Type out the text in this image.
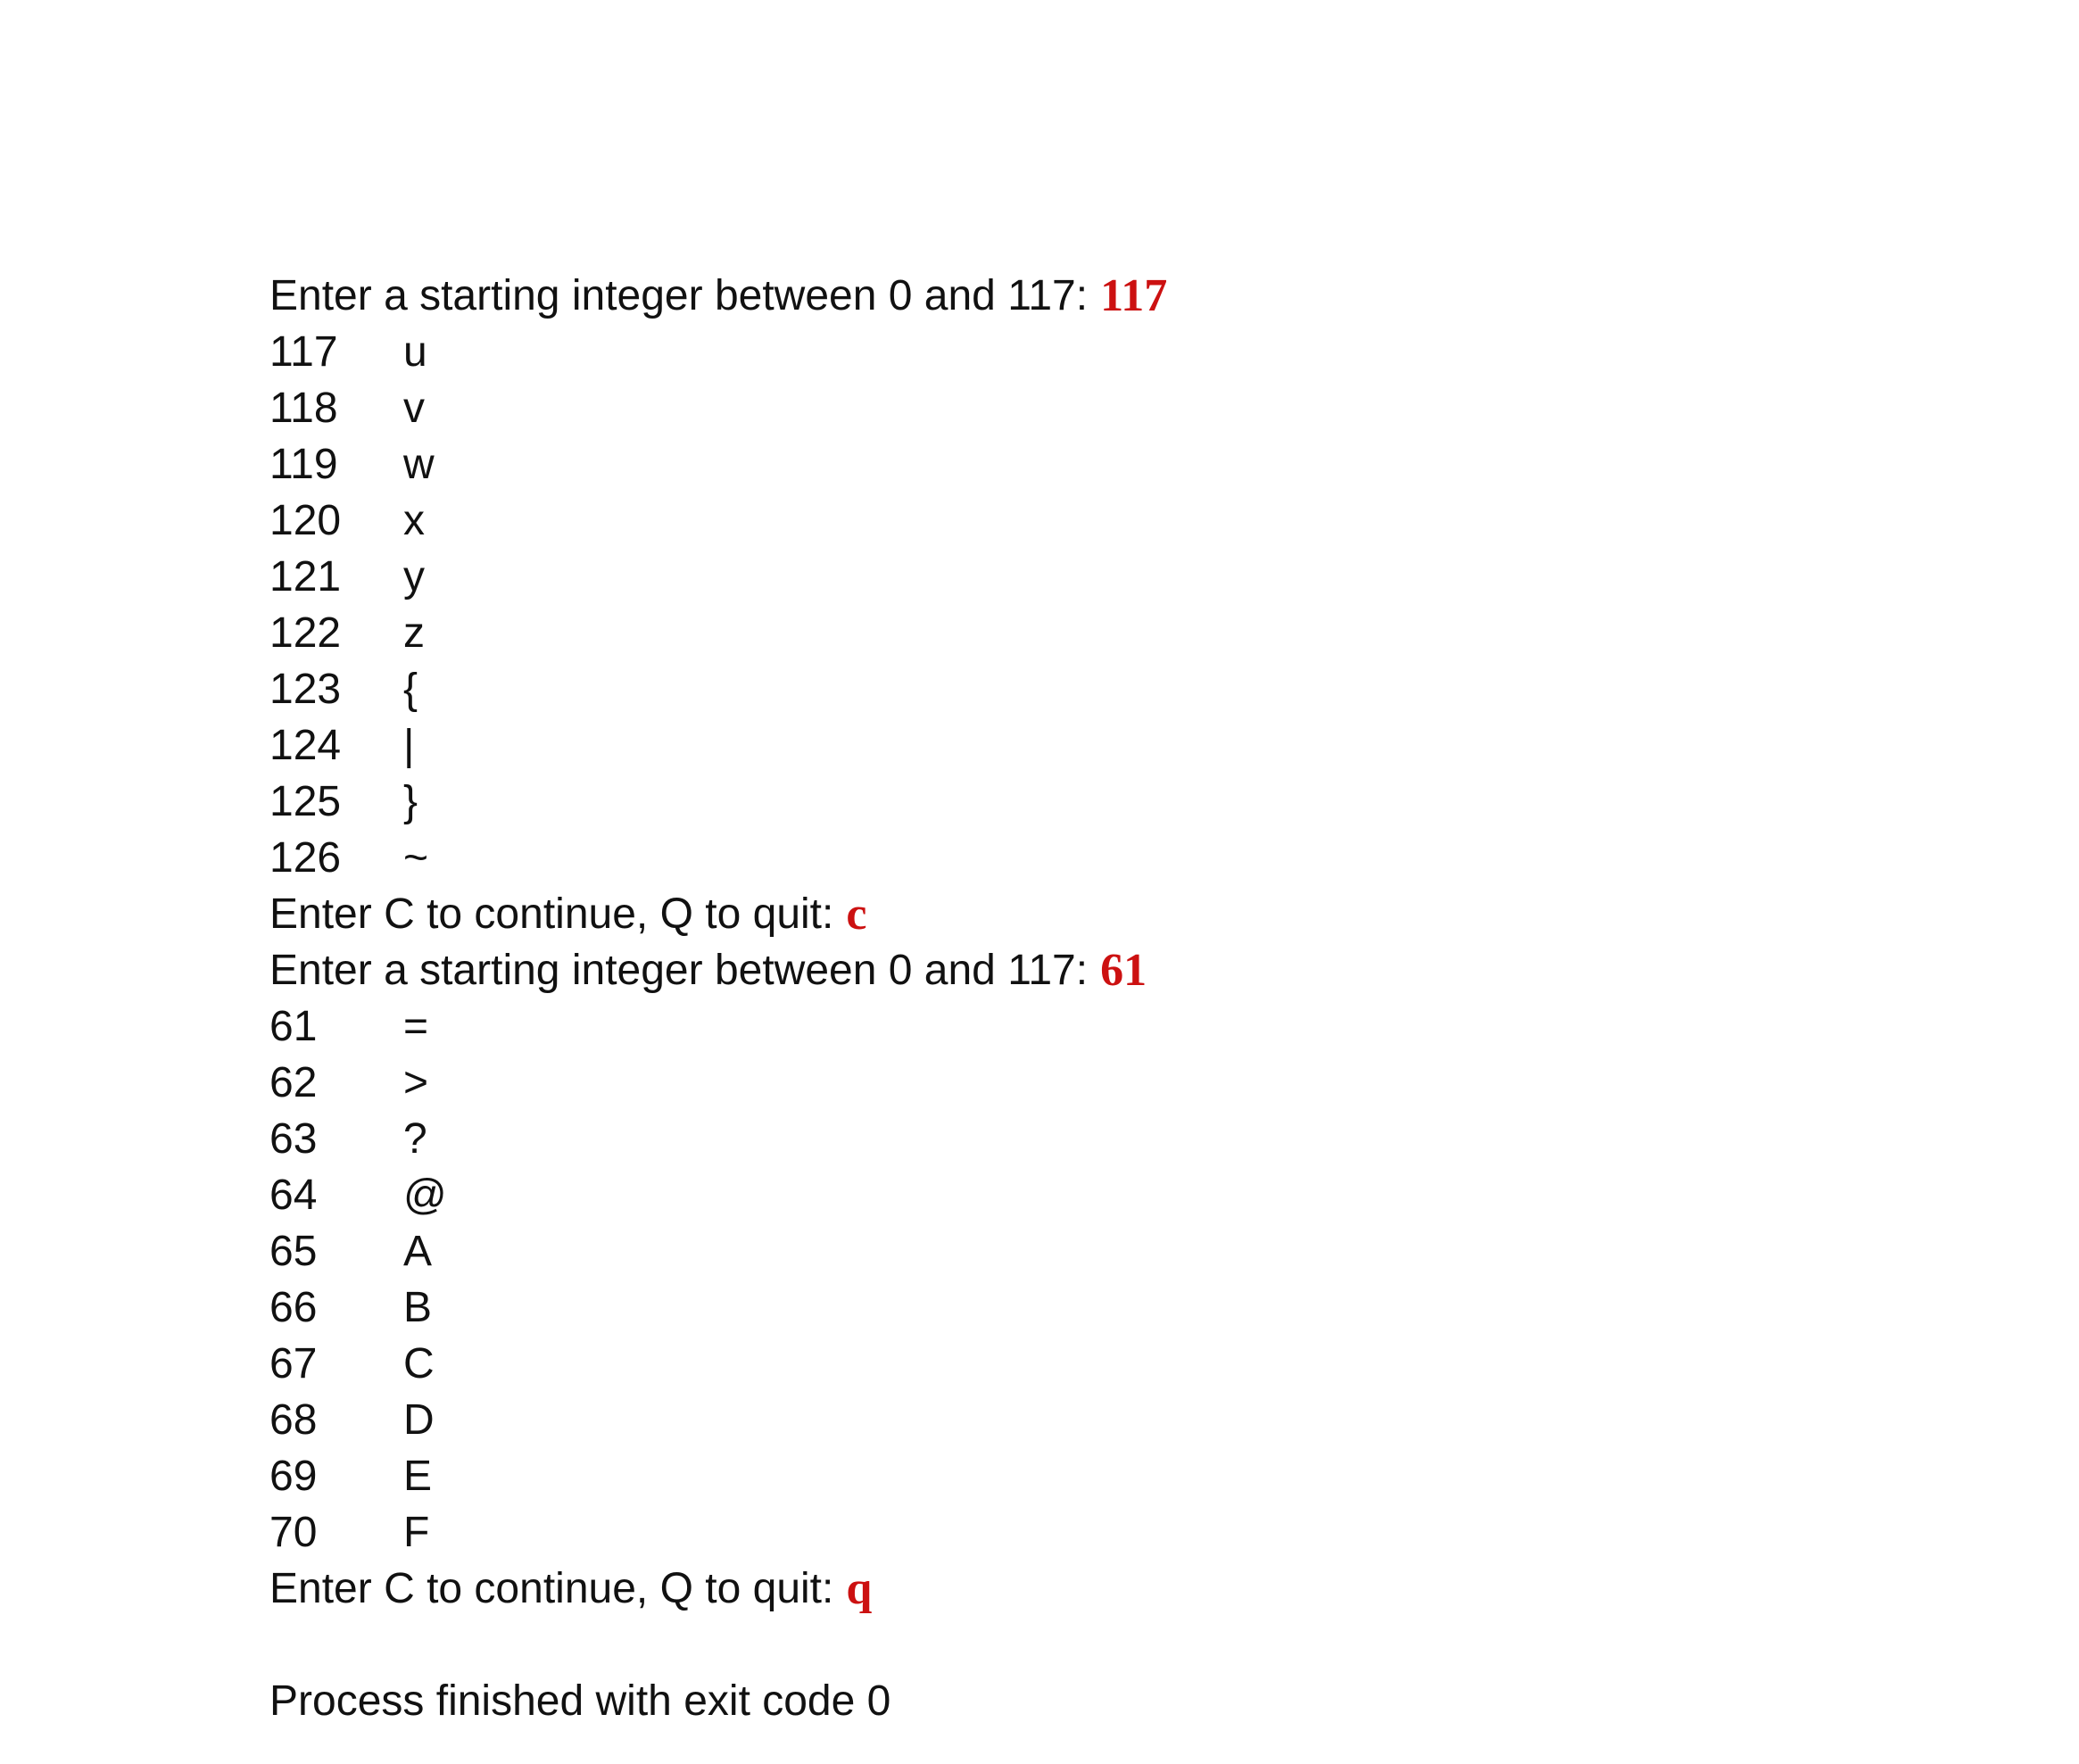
Enter a starting integer between 0 and 117: 117
117	u
118	v
119	w
120	x
121	y
122	z
123	{
124	|
125	}
126	~
Enter C to continue, Q to quit: c
Enter a starting integer between 0 and 117: 61
61	=
62	>
63	?
64	@
65	A
66	B
67	C
68	D
69	E
70	F
Enter C to continue, Q to quit: q
Process finished with exit code 0
